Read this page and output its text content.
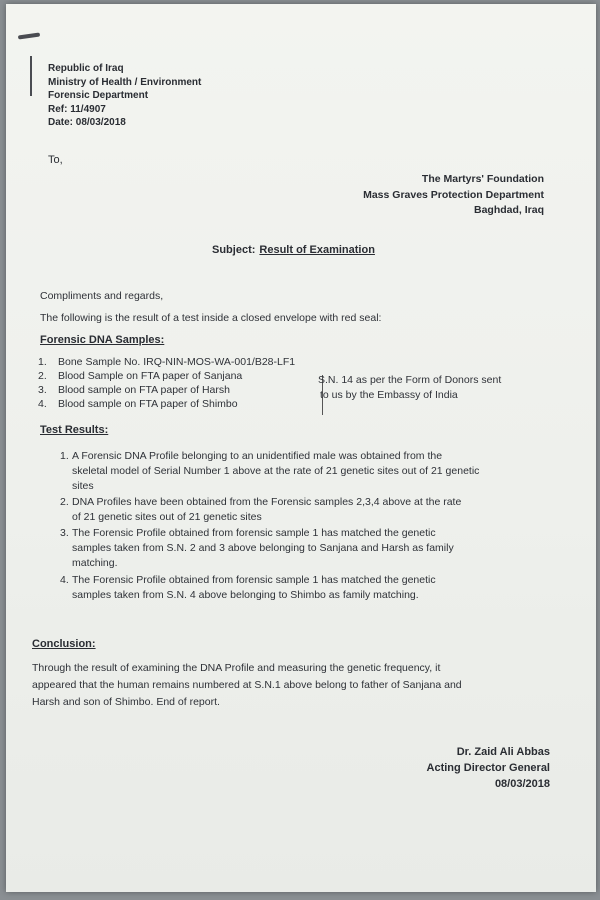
Republic of Iraq
Ministry of Health / Environment
Forensic Department
Ref: 11/4907
Date: 08/03/2018
To,
The Martyrs' Foundation
Mass Graves Protection Department
Baghdad, Iraq
Subject: Result of Examination
Compliments and regards,
The following is the result of a test inside a closed envelope with red seal:
Forensic DNA Samples:
1. Bone Sample No. IRQ-NIN-MOS-WA-001/B28-LF1
2. Blood Sample on FTA paper of Sanjana
3. Blood sample on FTA paper of Harsh
4. Blood sample on FTA paper of Shimbo
S.N. 14 as per the Form of Donors sent
to us by the Embassy of India
Test Results:
1. A Forensic DNA Profile belonging to an unidentified male was obtained from the
skeletal model of Serial Number 1 above at the rate of 21 genetic sites out of 21 genetic
sites
2. DNA Profiles have been obtained from the Forensic samples 2,3,4 above at the rate
of 21 genetic sites out of 21 genetic sites
3. The Forensic Profile obtained from forensic sample 1 has matched the genetic
samples taken from S.N. 2 and 3 above belonging to Sanjana and Harsh as family
matching.
4. The Forensic Profile obtained from forensic sample 1 has matched the genetic
samples taken from S.N. 4 above belonging to Shimbo as family matching.
Conclusion:
Through the result of examining the DNA Profile and measuring the genetic frequency, it
appeared that the human remains numbered at S.N.1 above belong to father of Sanjana and
Harsh and son of Shimbo. End of report.
Dr. Zaid Ali Abbas
Acting Director General
08/03/2018
